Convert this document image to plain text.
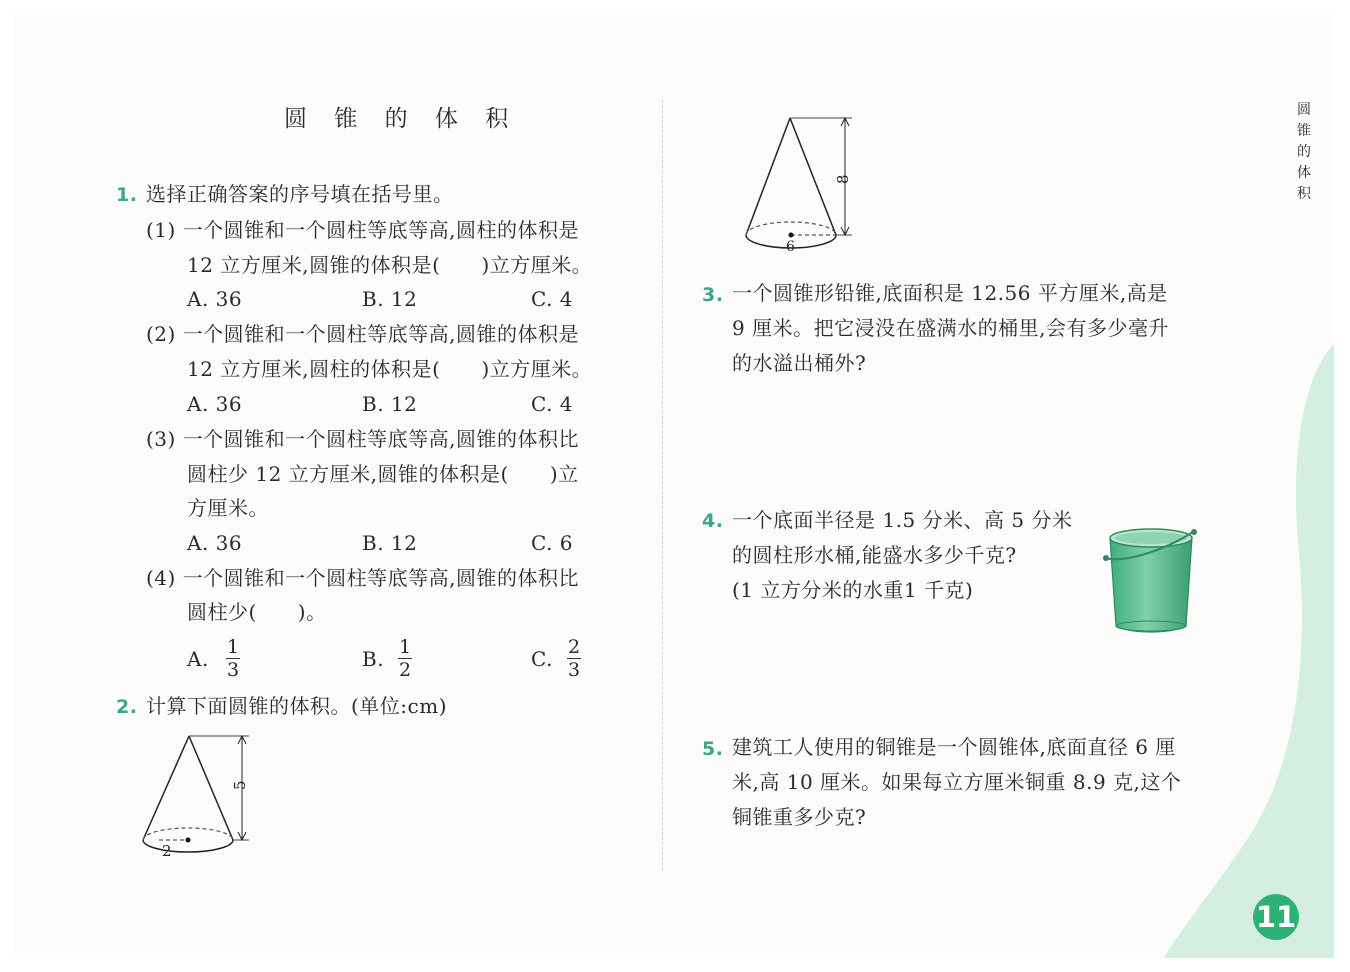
圆 锥 的 体 积	圆
锥
的
体
积
1. 选择正确答案的序号填在括号里。
(1) 一个圆锥和一个圆柱等底等高,圆柱的体积是
12 立方厘米,圆锥的体积是(　　)立方厘米。
A. 36	B. 12	C. 4
(2) 一个圆锥和一个圆柱等底等高,圆锥的体积是
12 立方厘米,圆柱的体积是(　　)立方厘米。
A. 36	B. 12	C. 4
(3) 一个圆锥和一个圆柱等底等高,圆锥的体积比
圆柱少 12 立方厘米,圆锥的体积是(　　)立
方厘米。
A. 36	B. 12	C. 6
(4) 一个圆锥和一个圆柱等底等高,圆锥的体积比
圆柱少(　　)。
A. 1
3	B. 1
2	C. 2
3
2. 计算下面圆锥的体积。(单位:cm)
5
2
8
6
3. 一个圆锥形铅锥,底面积是 12.56 平方厘米,高是
9 厘米。把它浸没在盛满水的桶里,会有多少毫升
的水溢出桶外?
4. 一个底面半径是 1.5 分米、高 5 分米
的圆柱形水桶,能盛水多少千克?
(1 立方分米的水重1 千克)
5. 建筑工人使用的铜锥是一个圆锥体,底面直径 6 厘
米,高 10 厘米。如果每立方厘米铜重 8.9 克,这个
铜锥重多少克?
11
